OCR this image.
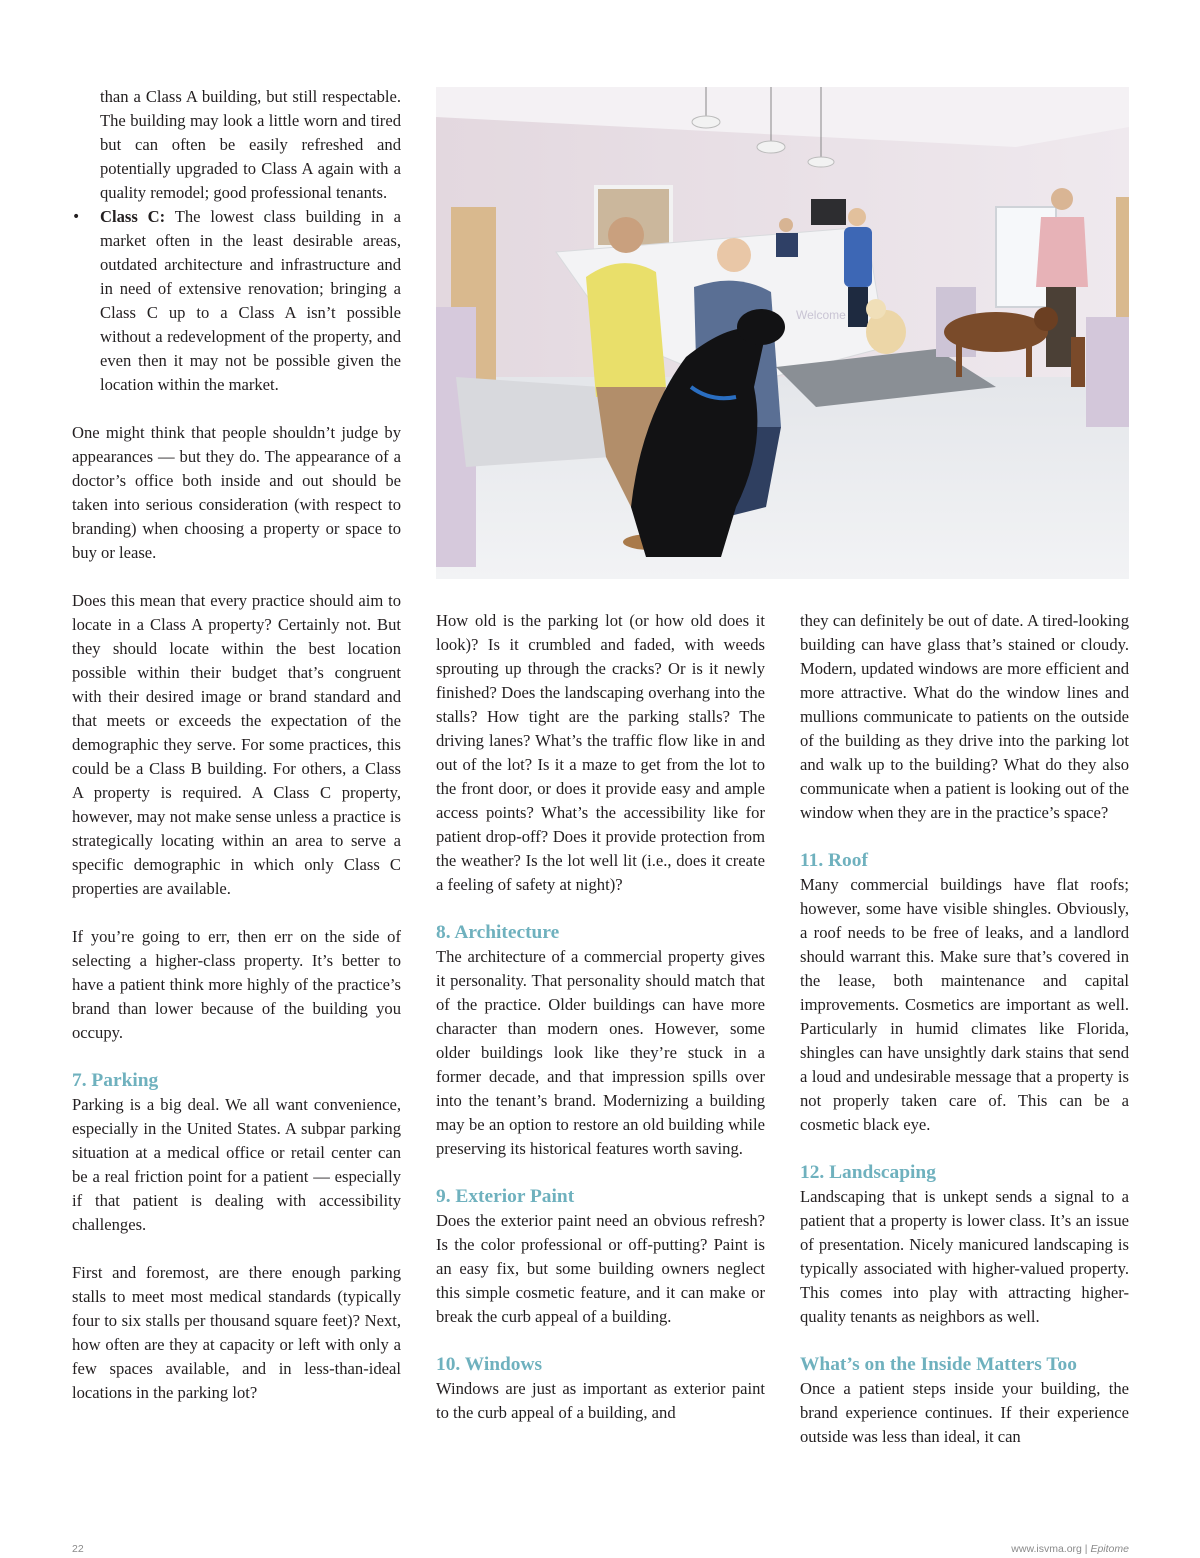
than a Class A building, but still respectable. The building may look a little worn and tired but can often be easily refreshed and potentially upgraded to Class A again with a quality remodel; good professional tenants.
• Class C: The lowest class building in a market often in the least desirable areas, outdated architecture and infrastructure and in need of extensive renovation; bringing a Class C up to a Class A isn’t possible without a redevelopment of the property, and even then it may not be possible given the location within the market.

One might think that people shouldn’t judge by appearances — but they do. The appearance of a doctor’s office both inside and out should be taken into serious consideration (with respect to branding) when choosing a property or space to buy or lease.

Does this mean that every practice should aim to locate in a Class A property? Certainly not. But they should locate within the best location possible within their budget that’s congruent with their desired image or brand standard and that meets or exceeds the expectation of the demographic they serve. For some practices, this could be a Class B building. For others, a Class A property is required. A Class C property, however, may not make sense unless a practice is strategically locating within an area to serve a specific demographic in which only Class C properties are available.

If you’re going to err, then err on the side of selecting a higher-class property. It’s better to have a patient think more highly of the practice’s brand than lower because of the building you occupy.

7. Parking

Parking is a big deal. We all want convenience, especially in the United States. A subpar parking situation at a medical office or retail center can be a real friction point for a patient — especially if that patient is dealing with accessibility challenges.

First and foremost, are there enough parking stalls to meet most medical standards (typically four to six stalls per thousand square feet)? Next, how often are they at capacity or left with only a few spaces available, and in less-than-ideal locations in the parking lot?

Welcome

How old is the parking lot (or how old does it look)? Is it crumbled and faded, with weeds sprouting up through the cracks? Or is it newly finished? Does the landscaping overhang into the stalls? How tight are the parking stalls? The driving lanes? What’s the traffic flow like in and out of the lot? Is it a maze to get from the lot to the front door, or does it provide easy and ample access points? What’s the accessibility like for patient drop-off? Does it provide protection from the weather? Is the lot well lit (i.e., does it create a feeling of safety at night)?

8. Architecture

The architecture of a commercial property gives it personality. That personality should match that of the practice. Older buildings can have more character than modern ones. However, some older buildings look like they’re stuck in a former decade, and that impression spills over into the tenant’s brand. Modernizing a building may be an option to restore an old building while preserving its historical features worth saving.

9. Exterior Paint

Does the exterior paint need an obvious refresh? Is the color professional or off-putting? Paint is an easy fix, but some building owners neglect this simple cosmetic feature, and it can make or break the curb appeal of a building.

10. Windows

Windows are just as important as exterior paint to the curb appeal of a building, and

they can definitely be out of date. A tired-looking building can have glass that’s stained or cloudy. Modern, updated windows are more efficient and more attractive. What do the window lines and mullions communicate to patients on the outside of the building as they drive into the parking lot and walk up to the building? What do they also communicate when a patient is looking out of the window when they are in the practice’s space?

11. Roof

Many commercial buildings have flat roofs; however, some have visible shingles. Obviously, a roof needs to be free of leaks, and a landlord should warrant this. Make sure that’s covered in the lease, both maintenance and capital improvements. Cosmetics are important as well. Particularly in humid climates like Florida, shingles can have unsightly dark stains that send a loud and undesirable message that a property is not properly taken care of. This can be a cosmetic black eye.

12. Landscaping

Landscaping that is unkept sends a signal to a patient that a property is lower class. It’s an issue of presentation. Nicely manicured landscaping is typically associated with higher-valued property. This comes into play with attracting higher-quality tenants as neighbors as well.

What’s on the Inside Matters Too

Once a patient steps inside your building, the brand experience continues. If their experience outside was less than ideal, it can

22	www.isvma.org | Epitome
